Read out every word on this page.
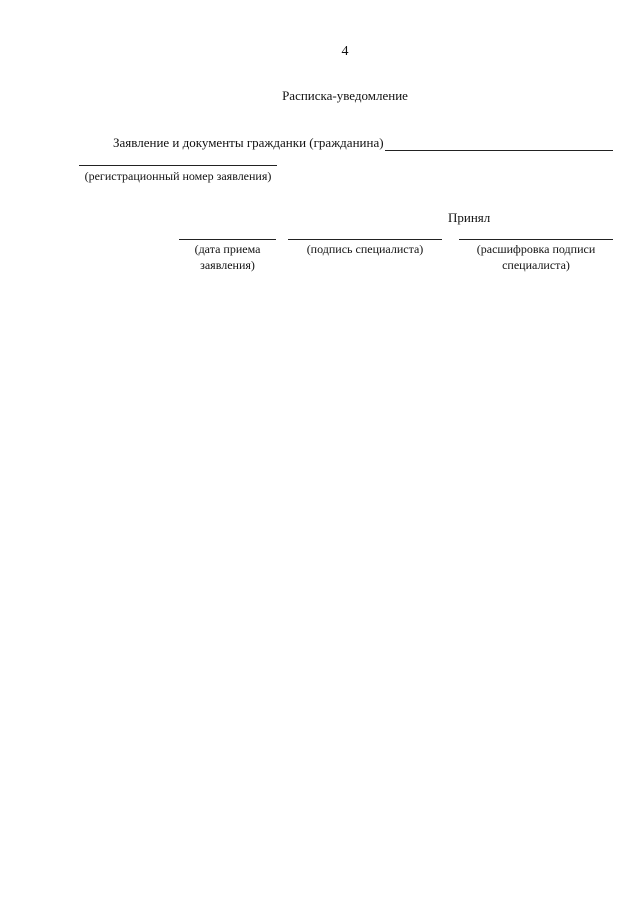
4
Расписка-уведомление
Заявление и документы гражданки (гражданина)
(регистрационный номер заявления)
Принял
(дата приема заявления)
(подпись специалиста)	(расшифровка подписи специалиста)
